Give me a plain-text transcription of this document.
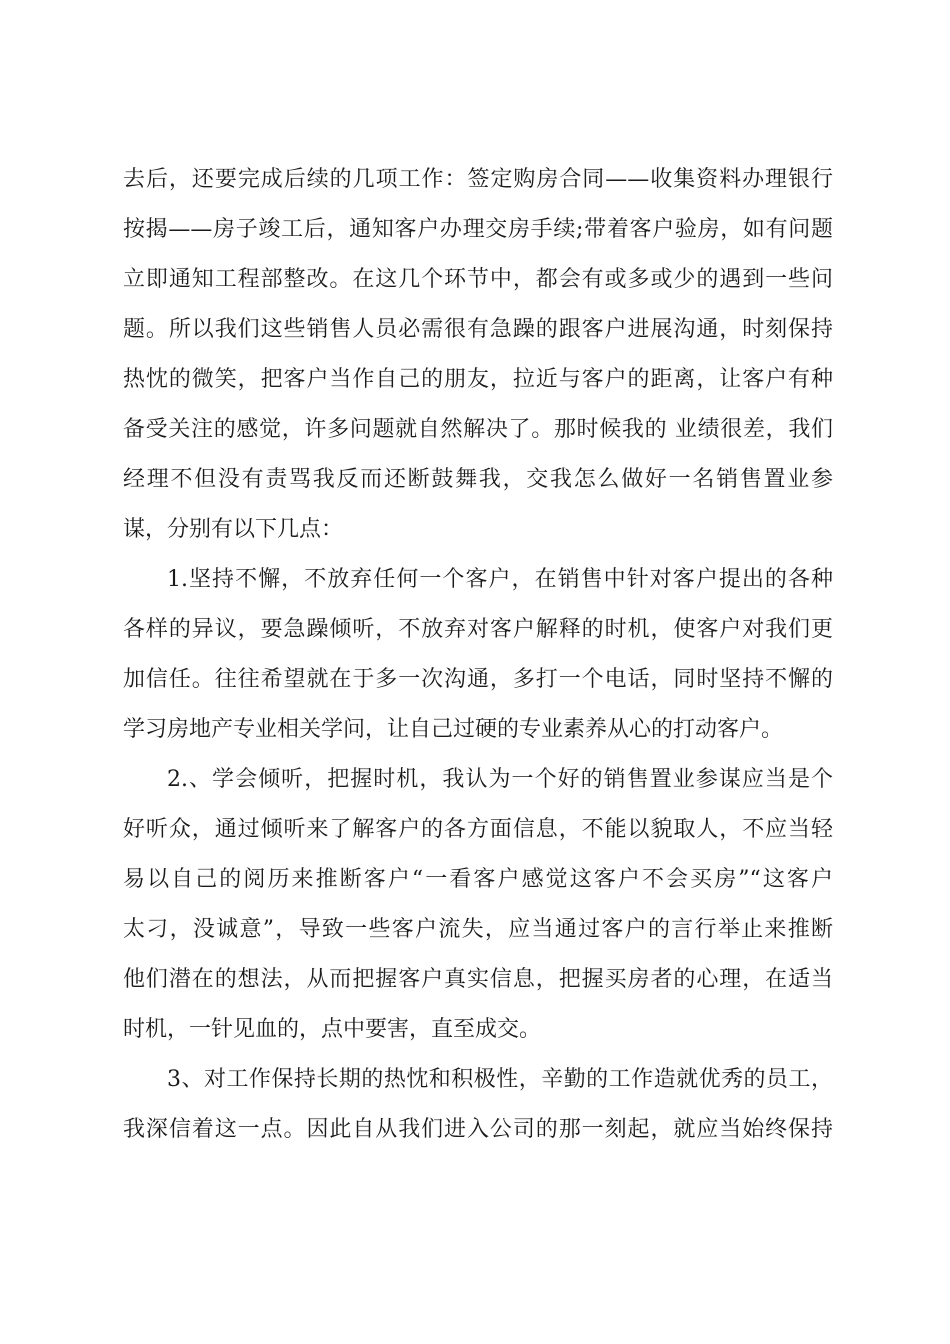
去后，还要完成后续的几项工作：签定购房合同——收集资料办理银行
按揭——房子竣工后，通知客户办理交房手续;带着客户验房，如有问题
立即通知工程部整改。在这几个环节中，都会有或多或少的遇到一些问
题。所以我们这些销售人员必需很有急躁的跟客户进展沟通，时刻保持
热忱的微笑，把客户当作自己的朋友，拉近与客户的距离，让客户有种
备受关注的感觉，许多问题就自然解决了。那时候我的 业绩很差，我们
经理不但没有责骂我反而还断鼓舞我，交我怎么做好一名销售置业参
谋，分别有以下几点：
1.坚持不懈，不放弃任何一个客户，在销售中针对客户提出的各种
各样的异议，要急躁倾听，不放弃对客户解释的时机，使客户对我们更
加信任。往往希望就在于多一次沟通，多打一个电话，同时坚持不懈的
学习房地产专业相关学问，让自己过硬的专业素养从心的打动客户。
2.、学会倾听，把握时机，我认为一个好的销售置业参谋应当是个
好听众，通过倾听来了解客户的各方面信息，不能以貌取人，不应当轻
易以自己的阅历来推断客户“一看客户感觉这客户不会买房”“这客户
太刁，没诚意”，导致一些客户流失，应当通过客户的言行举止来推断
他们潜在的想法，从而把握客户真实信息，把握买房者的心理，在适当
时机，一针见血的，点中要害，直至成交。
3、对工作保持长期的热忱和积极性，辛勤的工作造就优秀的员工，
我深信着这一点。因此自从我们进入公司的那一刻起，就应当始终保持
